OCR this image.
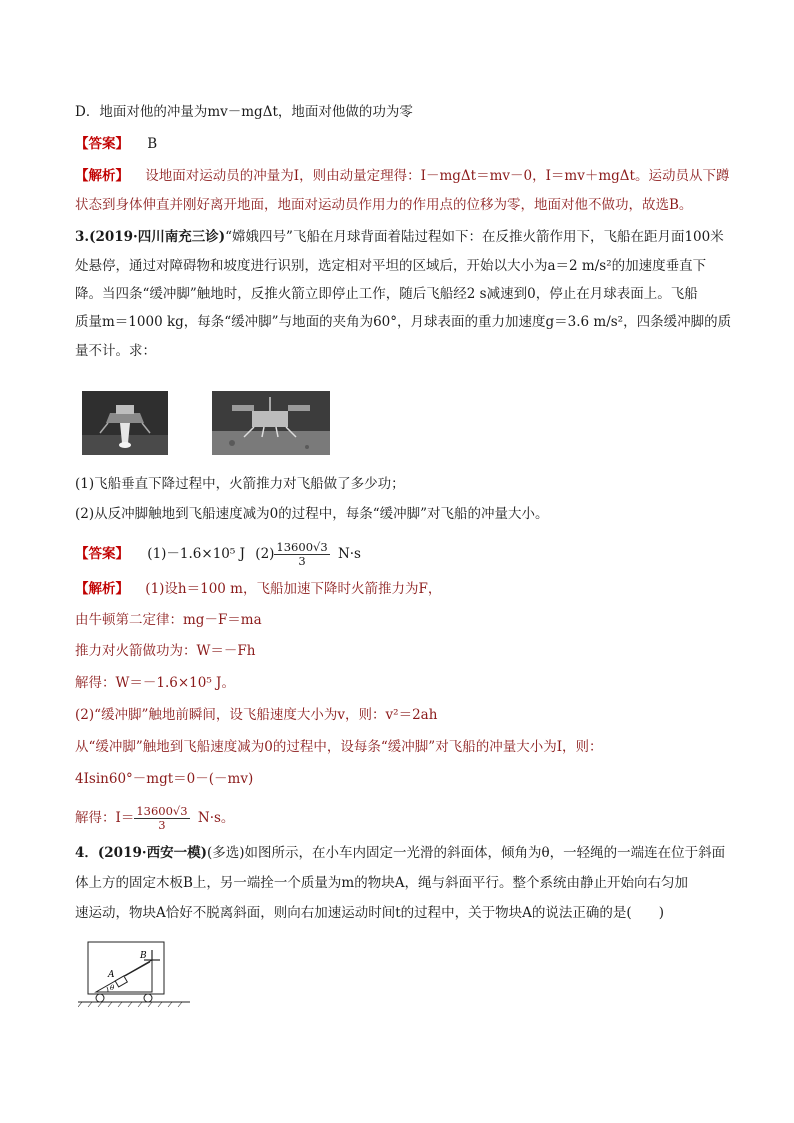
D．地面对他的冲量为mv－mgΔt，地面对他做的功为零
【答案】 B
【解析】 设地面对运动员的冲量为I，则由动量定理得：I－mgΔt＝mv－0，I＝mv＋mgΔt。运动员从下蹲
状态到身体伸直并刚好离开地面，地面对运动员作用力的作用点的位移为零，地面对他不做功，故选B。
3.(2019·四川南充三诊)“嫦娥四号”飞船在月球背面着陆过程如下：在反推火箭作用下，飞船在距月面100米
处悬停，通过对障碍物和坡度进行识别，选定相对平坦的区域后，开始以大小为a＝2 m/s²的加速度垂直下
降。当四条“缓冲脚”触地时，反推火箭立即停止工作，随后飞船经2 s减速到0，停止在月球表面上。飞船
质量m＝1000 kg，每条“缓冲脚”与地面的夹角为60°，月球表面的重力加速度g＝3.6 m/s²，四条缓冲脚的质
量不计。求：
(1)飞船垂直下降过程中，火箭推力对飞船做了多少功；
(2)从反冲脚触地到飞船速度减为0的过程中，每条“缓冲脚”对飞船的冲量大小。
【答案】 (1)－1.6×10⁵ J $(2) \frac{13600√3}{3} N\cdot s$
【解析】 (1)设h＝100 m，飞船加速下降时火箭推力为F，
由牛顿第二定律：mg－F＝ma
推力对火箭做功为：W＝－Fh
解得：W＝－1.6×10⁵ J。
(2)“缓冲脚”触地前瞬间，设飞船速度大小为v，则：v²＝2ah
从“缓冲脚”触地到飞船速度减为0的过程中，设每条“缓冲脚”对飞船的冲量大小为I，则：
4Isin60°－mgt＝0－(－mv)
解得：$I= \frac{13600√3}{3} N\cdot s$。
4．(2019·西安一模)(多选)如图所示，在小车内固定一光滑的斜面体，倾角为θ，一轻绳的一端连在位于斜面
体上方的固定木板B上，另一端拴一个质量为m的物块A，绳与斜面平行。整个系统由静止开始向右匀加
速运动，物块A恰好不脱离斜面，则向右加速运动时间t的过程中，关于物块A的说法正确的是(　　)
A
B
θ
